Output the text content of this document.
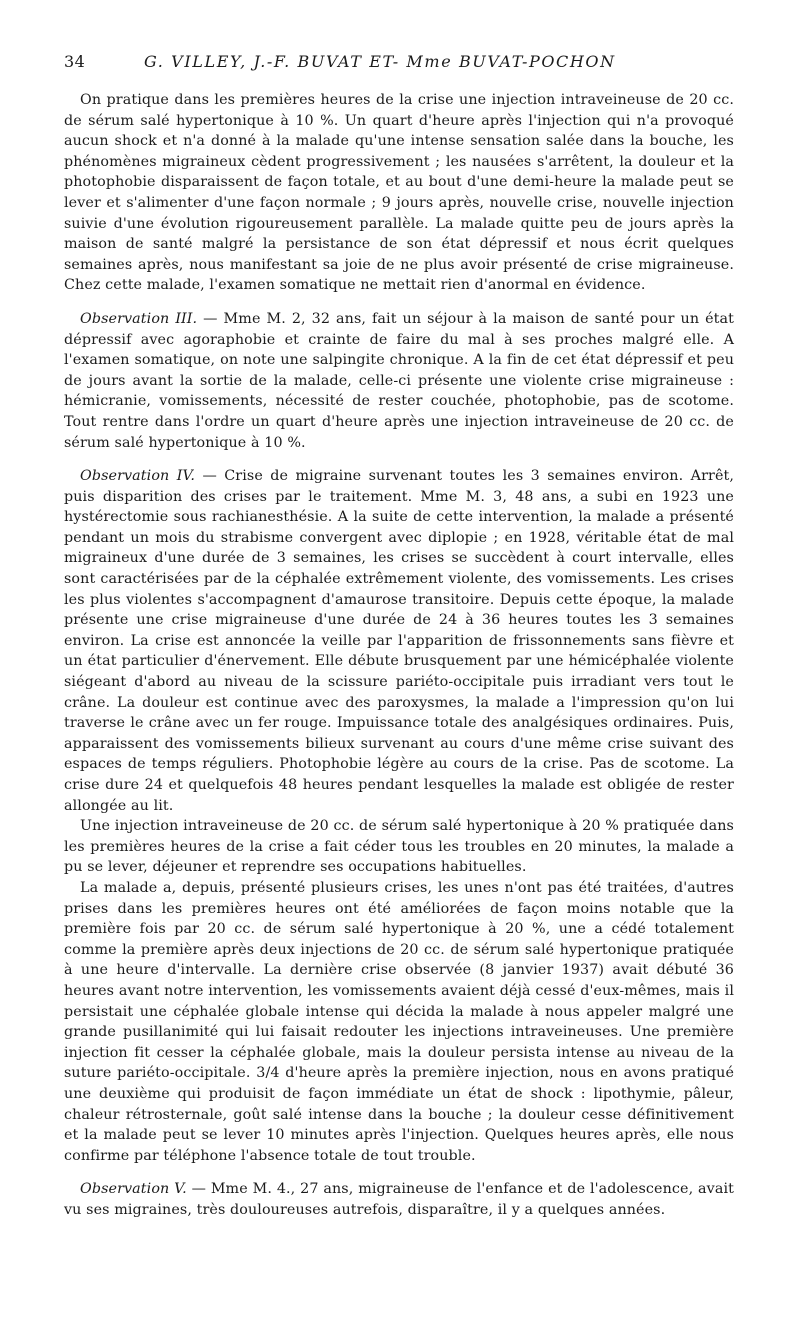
34	G. VILLEY, J.-F. BUVAT ET- Mme BUVAT-POCHON

On pratique dans les premières heures de la crise une injection intraveineuse de 20 cc. de sérum salé hypertonique à 10 %. Un quart d'heure après l'injection qui n'a provoqué aucun shock et n'a donné à la malade qu'une intense sensation salée dans la bouche, les phénomènes migraineux cèdent progressivement ; les nausées s'arrêtent, la douleur et la photophobie disparaissent de façon totale, et au bout d'une demi-heure la malade peut se lever et s'alimenter d'une façon normale ; 9 jours après, nouvelle crise, nouvelle injection suivie d'une évolution rigoureusement parallèle. La malade quitte peu de jours après la maison de santé malgré la persistance de son état dépressif et nous écrit quelques semaines après, nous manifestant sa joie de ne plus avoir présenté de crise migraineuse. Chez cette malade, l'examen somatique ne mettait rien d'anormal en évidence.

Observation III. — Mme M. 2, 32 ans, fait un séjour à la maison de santé pour un état dépressif avec agoraphobie et crainte de faire du mal à ses proches malgré elle. A l'examen somatique, on note une salpingite chronique. A la fin de cet état dépressif et peu de jours avant la sortie de la malade, celle-ci présente une violente crise migraineuse : hémicranie, vomissements, nécessité de rester couchée, photophobie, pas de scotome. Tout rentre dans l'ordre un quart d'heure après une injection intraveineuse de 20 cc. de sérum salé hypertonique à 10 %.

Observation IV. — Crise de migraine survenant toutes les 3 semaines environ. Arrêt, puis disparition des crises par le traitement. Mme M. 3, 48 ans, a subi en 1923 une hystérectomie sous rachianesthésie. A la suite de cette intervention, la malade a présenté pendant un mois du strabisme convergent avec diplopie ; en 1928, véritable état de mal migraineux d'une durée de 3 semaines, les crises se succèdent à court intervalle, elles sont caractérisées par de la céphalée extrêmement violente, des vomissements. Les crises les plus violentes s'accompagnent d'amaurose transitoire. Depuis cette époque, la malade présente une crise migraineuse d'une durée de 24 à 36 heures toutes les 3 semaines environ. La crise est annoncée la veille par l'apparition de frissonnements sans fièvre et un état particulier d'énervement. Elle débute brusquement par une hémicéphalée violente siégeant d'abord au niveau de la scissure pariéto-occipitale puis irradiant vers tout le crâne. La douleur est continue avec des paroxysmes, la malade a l'impression qu'on lui traverse le crâne avec un fer rouge. Impuissance totale des analgésiques ordinaires. Puis, apparaissent des vomissements bilieux survenant au cours d'une même crise suivant des espaces de temps réguliers. Photophobie légère au cours de la crise. Pas de scotome. La crise dure 24 et quelquefois 48 heures pendant lesquelles la malade est obligée de rester allongée au lit.

Une injection intraveineuse de 20 cc. de sérum salé hypertonique à 20 % pratiquée dans les premières heures de la crise a fait céder tous les troubles en 20 minutes, la malade a pu se lever, déjeuner et reprendre ses occupations habituelles.

La malade a, depuis, présenté plusieurs crises, les unes n'ont pas été traitées, d'autres prises dans les premières heures ont été améliorées de façon moins notable que la première fois par 20 cc. de sérum salé hypertonique à 20 %, une a cédé totalement comme la première après deux injections de 20 cc. de sérum salé hypertonique pratiquée à une heure d'intervalle. La dernière crise observée (8 janvier 1937) avait débuté 36 heures avant notre intervention, les vomissements avaient déjà cessé d'eux-mêmes, mais il persistait une céphalée globale intense qui décida la malade à nous appeler malgré une grande pusillanimité qui lui faisait redouter les injections intraveineuses. Une première injection fit cesser la céphalée globale, mais la douleur persista intense au niveau de la suture pariéto-occipitale. 3/4 d'heure après la première injection, nous en avons pratiqué une deuxième qui produisit de façon immédiate un état de shock : lipothymie, pâleur, chaleur rétrosternale, goût salé intense dans la bouche ; la douleur cesse définitivement et la malade peut se lever 10 minutes après l'injection. Quelques heures après, elle nous confirme par téléphone l'absence totale de tout trouble.

Observation V. — Mme M. 4., 27 ans, migraineuse de l'enfance et de l'adolescence, avait vu ses migraines, très douloureuses autrefois, disparaître, il y a quelques années.
